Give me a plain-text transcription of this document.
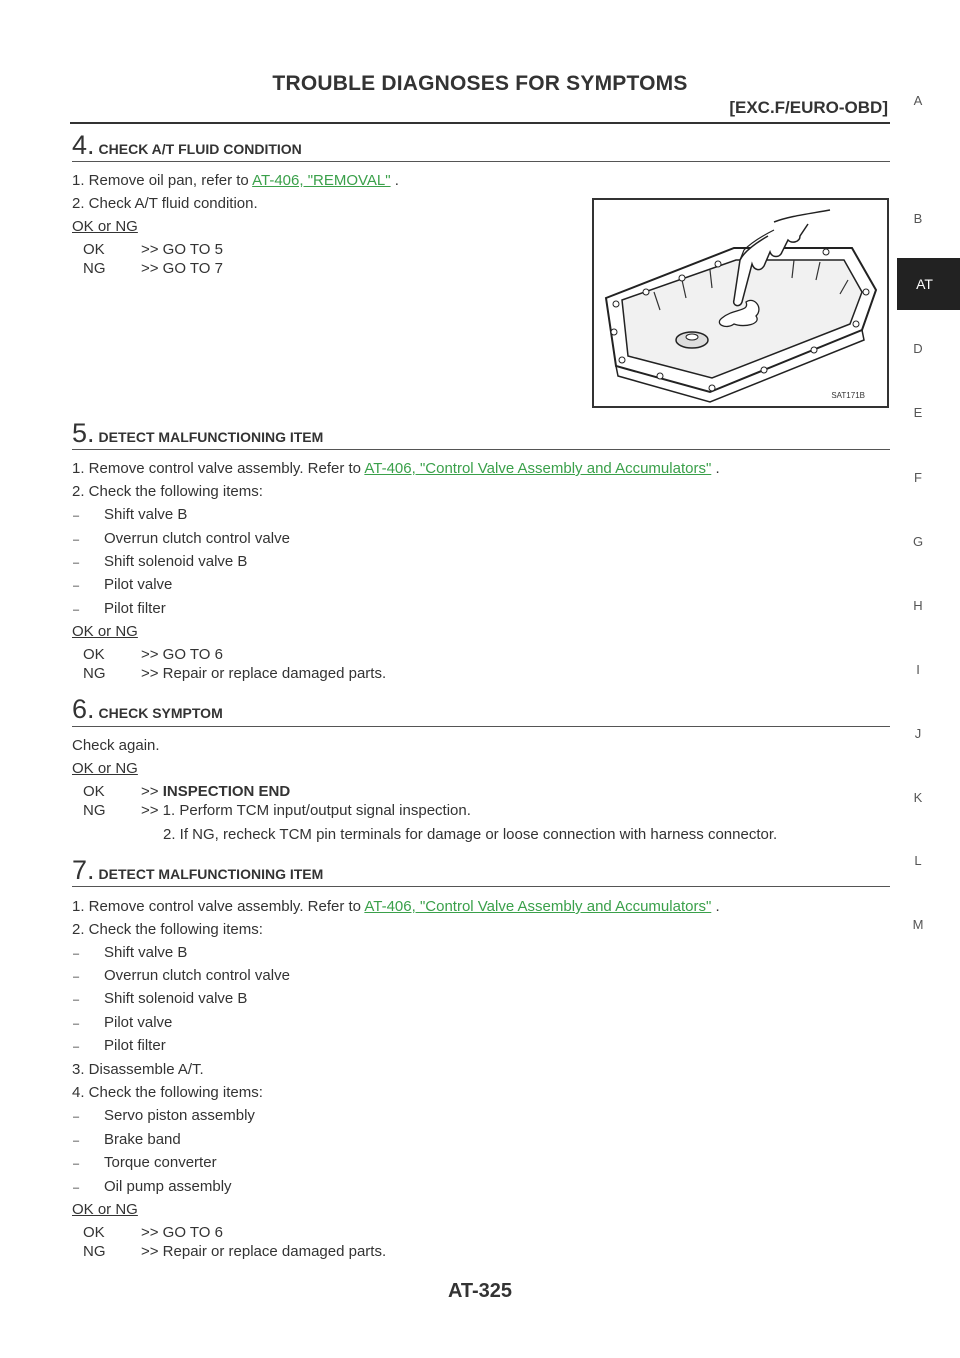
TROUBLE DIAGNOSES FOR SYMPTOMS
[EXC.F/EURO-OBD]	A
B
AT
D
E
F
G
H
I
J
K
L
M
4. CHECK A/T FLUID CONDITION
1. Remove oil pan, refer to AT-406, "REMOVAL" .
2. Check A/T fluid condition.
OK or NG
OK >> GO TO 5
NG >> GO TO 7
SAT171B
5. DETECT MALFUNCTIONING ITEM
1. Remove control valve assembly. Refer to AT-406, "Control Valve Assembly and Accumulators" .
2. Check the following items:
– Shift valve B
– Overrun clutch control valve
– Shift solenoid valve B
– Pilot valve
– Pilot filter
OK or NG
OK >> GO TO 6
NG >> Repair or replace damaged parts.
6. CHECK SYMPTOM
Check again.
OK or NG
OK >> INSPECTION END
NG >> 1. Perform TCM input/output signal inspection.
2. If NG, recheck TCM pin terminals for damage or loose connection with harness connector.
7. DETECT MALFUNCTIONING ITEM
1. Remove control valve assembly. Refer to AT-406, "Control Valve Assembly and Accumulators" .
2. Check the following items:
– Shift valve B
– Overrun clutch control valve
– Shift solenoid valve B
– Pilot valve
– Pilot filter
3. Disassemble A/T.
4. Check the following items:
– Servo piston assembly
– Brake band
– Torque converter
– Oil pump assembly
OK or NG
OK >> GO TO 6
NG >> Repair or replace damaged parts.
AT-325
